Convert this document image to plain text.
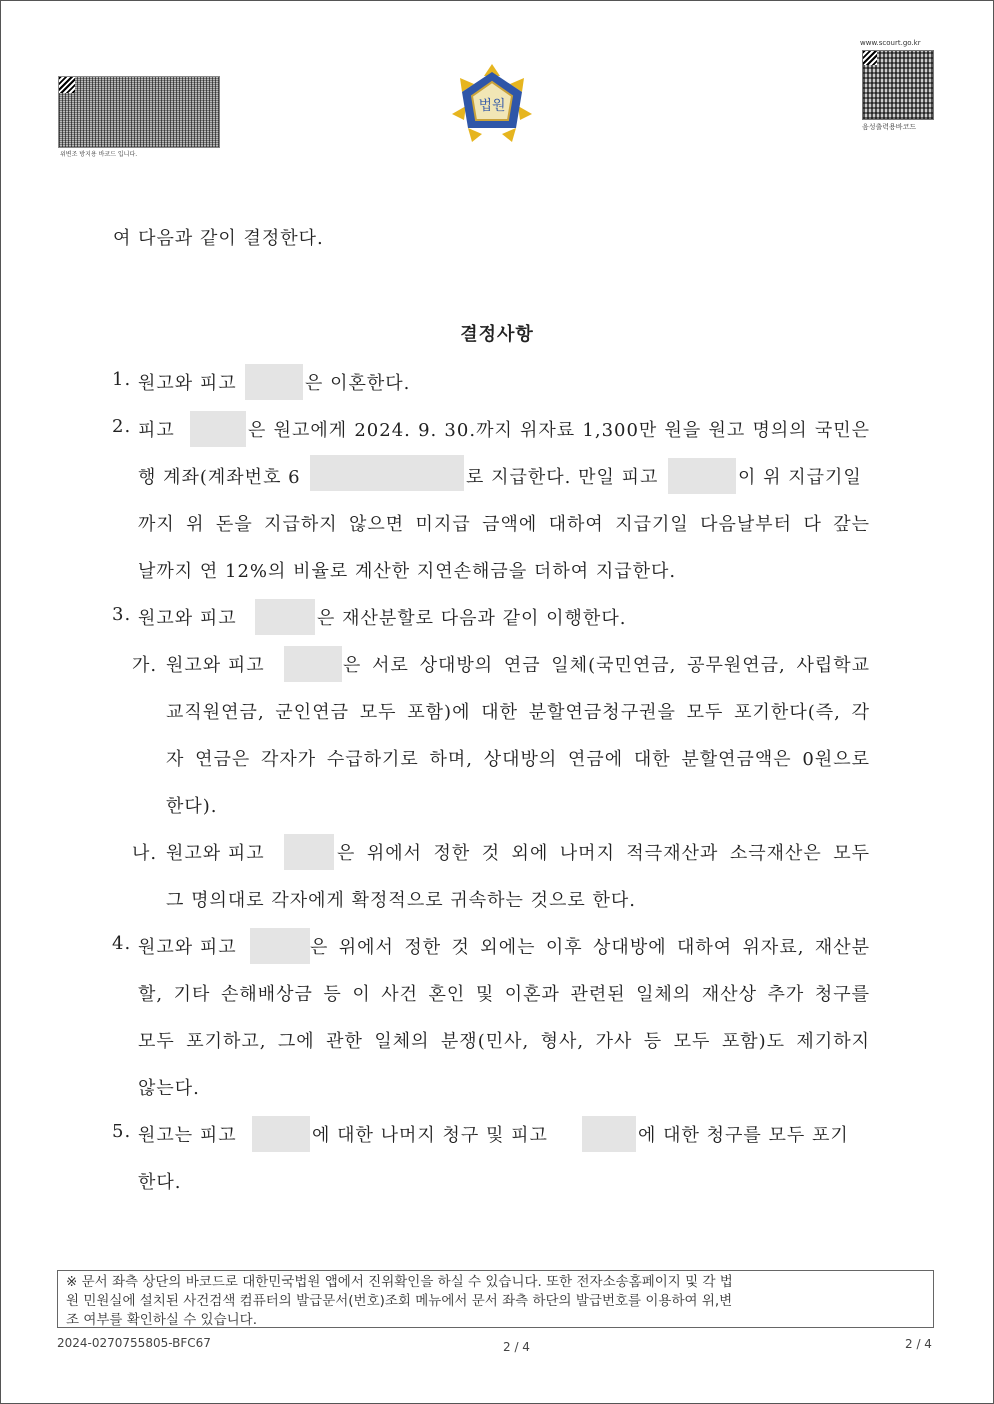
위변조 방지용 바코드 입니다.
www.scourt.go.kr
음성출력용바코드
법원
여 다음과 같이 결정한다.
결정사항
1. 원고와 피고	은 이혼한다.
2. 피고	은 원고에게 2024. 9. 30.까지 위자료 1,300만 원을 원고 명의의 국민은
행 계좌(계좌번호 6	로 지급한다. 만일 피고	이 위 지급기일
까지 위 돈을 지급하지 않으면 미지급 금액에 대하여 지급기일 다음날부터 다 갚는
날까지 연 12%의 비율로 계산한 지연손해금을 더하여 지급한다.
3. 원고와 피고	은 재산분할로 다음과 같이 이행한다.
가. 원고와 피고	은 서로 상대방의 연금 일체(국민연금, 공무원연금, 사립학교
교직원연금, 군인연금 모두 포함)에 대한 분할연금청구권을 모두 포기한다(즉, 각
자 연금은 각자가 수급하기로 하며, 상대방의 연금에 대한 분할연금액은 0원으로
한다).
나. 원고와 피고	은 위에서 정한 것 외에 나머지 적극재산과 소극재산은 모두
그 명의대로 각자에게 확정적으로 귀속하는 것으로 한다.
4. 원고와 피고	은 위에서 정한 것 외에는 이후 상대방에 대하여 위자료, 재산분
할, 기타 손해배상금 등 이 사건 혼인 및 이혼과 관련된 일체의 재산상 추가 청구를
모두 포기하고, 그에 관한 일체의 분쟁(민사, 형사, 가사 등 모두 포함)도 제기하지
않는다.
5. 원고는 피고	에 대한 나머지 청구 및 피고	에 대한 청구를 모두 포기
한다.
※ 문서 좌측 상단의 바코드로 대한민국법원 앱에서 진위확인을 하실 수 있습니다. 또한 전자소송홈페이지 및 각 법
원 민원실에 설치된 사건검색 컴퓨터의 발급문서(번호)조회 메뉴에서 문서 좌측 하단의 발급번호를 이용하여 위,변
조 여부를 확인하실 수 있습니다.
2024-0270755805-BFC67	2 / 4	2 / 4
